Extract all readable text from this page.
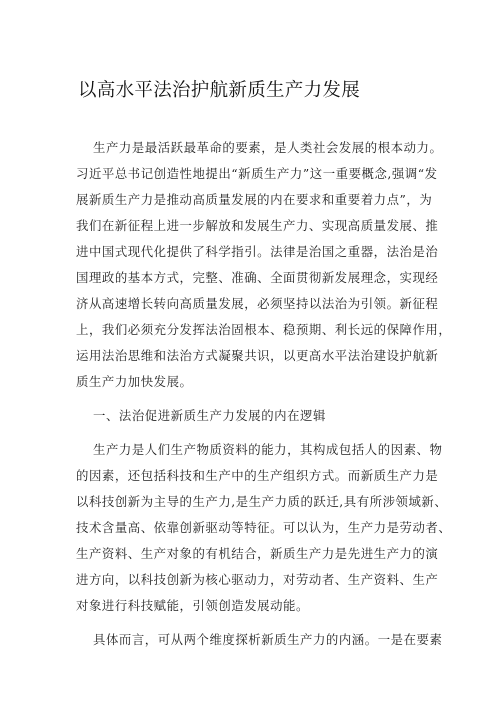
以高水平法治护航新质生产力发展
生产力是最活跃最革命的要素，是人类社会发展的根本动力。
习近平总书记创造性地提出“新质生产力”这一重要概念,强调“发
展新质生产力是推动高质量发展的内在要求和重要着力点”，为
我们在新征程上进一步解放和发展生产力、实现高质量发展、推
进中国式现代化提供了科学指引。法律是治国之重器，法治是治
国理政的基本方式，完整、准确、全面贯彻新发展理念，实现经
济从高速增长转向高质量发展，必须坚持以法治为引领。新征程
上，我们必须充分发挥法治固根本、稳预期、利长远的保障作用，
运用法治思维和法治方式凝聚共识，以更高水平法治建设护航新
质生产力加快发展。
一、法治促进新质生产力发展的内在逻辑
生产力是人们生产物质资料的能力，其构成包括人的因素、物
的因素，还包括科技和生产中的生产组织方式。而新质生产力是
以科技创新为主导的生产力,是生产力质的跃迁,具有所涉领域新、
技术含量高、依靠创新驱动等特征。可以认为，生产力是劳动者、
生产资料、生产对象的有机结合，新质生产力是先进生产力的演
进方向，以科技创新为核心驱动力，对劳动者、生产资料、生产
对象进行科技赋能，引领创造发展动能。
具体而言，可从两个维度探析新质生产力的内涵。一是在要素
